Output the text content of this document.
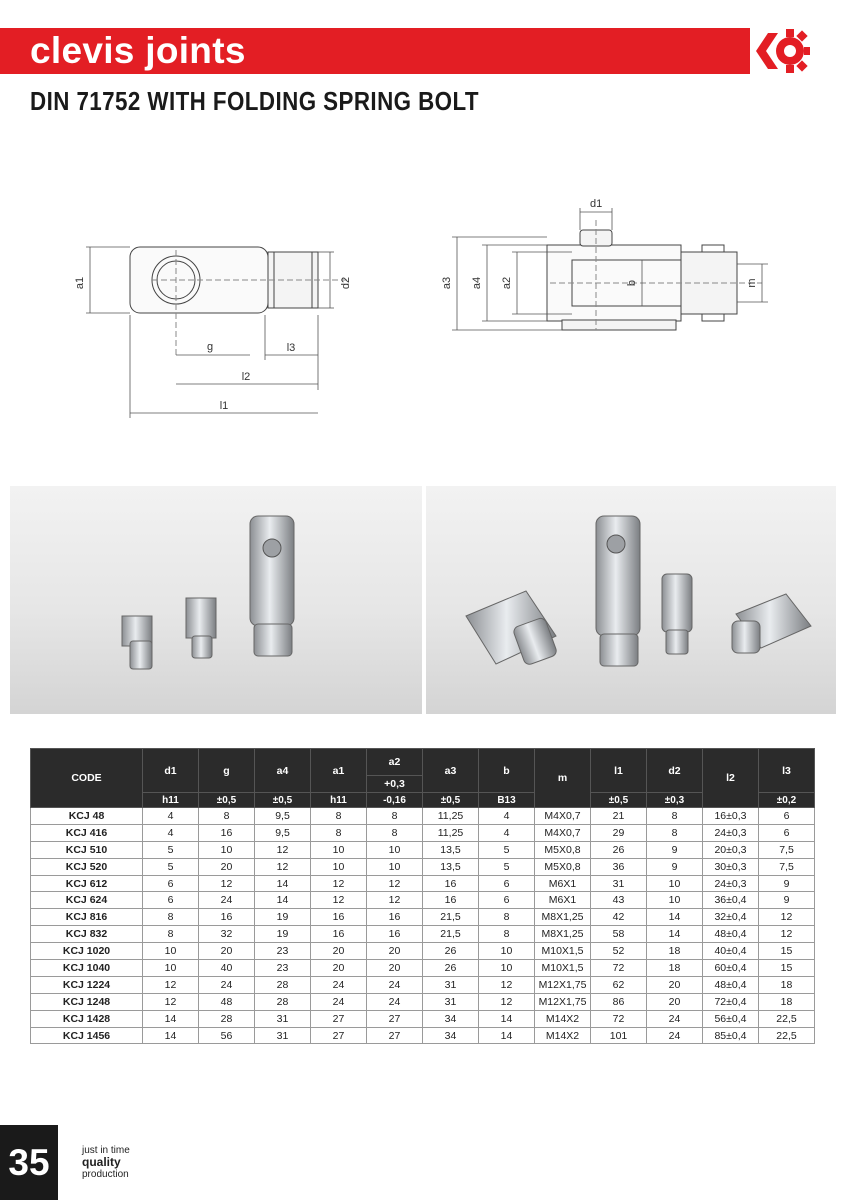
clevis joints
DIN 71752 WITH FOLDING SPRING BOLT
a1	d2
g	l3
l2
l1
d1
a3 a4 a2	b	m
CODE	d1	g	a4	a1	a2	a3	b	m	l1	d2	l2	l3
					+0,3							
	h11	±0,5	±0,5	h11	-0,16	±0,5	B13		±0,5	±0,3		±0,2
KCJ 48	4	8	9,5	8	8	11,25	4	M4X0,7	21	8	16±0,3	6
KCJ 416	4	16	9,5	8	8	11,25	4	M4X0,7	29	8	24±0,3	6
KCJ 510	5	10	12	10	10	13,5	5	M5X0,8	26	9	20±0,3	7,5
KCJ 520	5	20	12	10	10	13,5	5	M5X0,8	36	9	30±0,3	7,5
KCJ 612	6	12	14	12	12	16	6	M6X1	31	10	24±0,3	9
KCJ 624	6	24	14	12	12	16	6	M6X1	43	10	36±0,4	9
KCJ 816	8	16	19	16	16	21,5	8	M8X1,25	42	14	32±0,4	12
KCJ 832	8	32	19	16	16	21,5	8	M8X1,25	58	14	48±0,4	12
KCJ 1020	10	20	23	20	20	26	10	M10X1,5	52	18	40±0,4	15
KCJ 1040	10	40	23	20	20	26	10	M10X1,5	72	18	60±0,4	15
KCJ 1224	12	24	28	24	24	31	12	M12X1,75	62	20	48±0,4	18
KCJ 1248	12	48	28	24	24	31	12	M12X1,75	86	20	72±0,4	18
KCJ 1428	14	28	31	27	27	34	14	M14X2	72	24	56±0,4	22,5
KCJ 1456	14	56	31	27	27	34	14	M14X2	101	24	85±0,4	22,5
35	just in time
quality
production
